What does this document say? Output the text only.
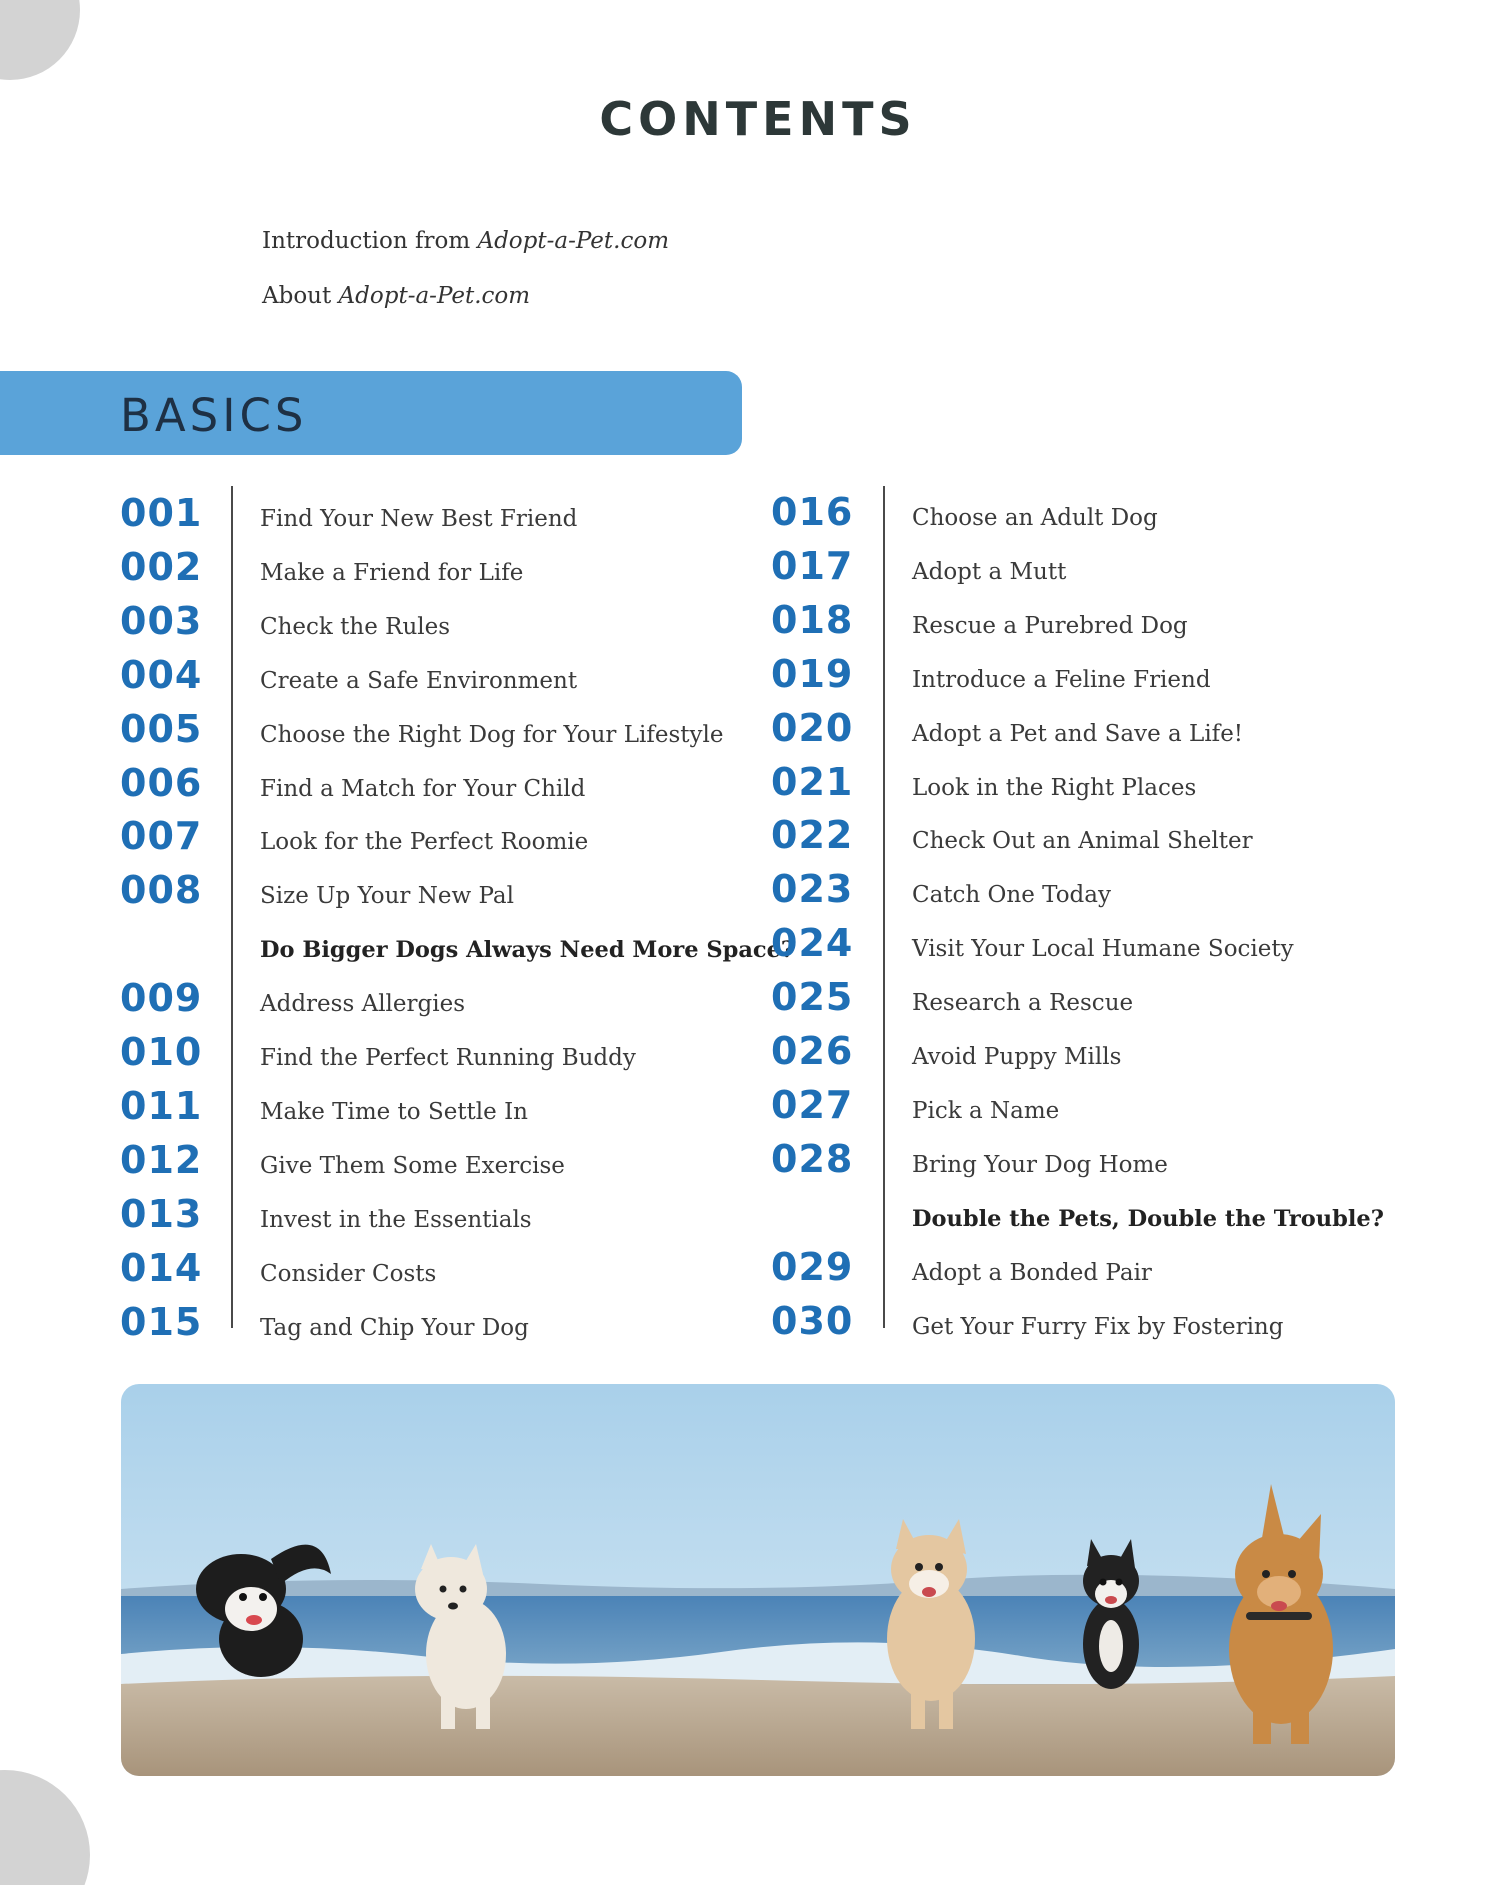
CONTENTS
Introduction from Adopt-a-Pet.com
About Adopt-a-Pet.com
BASICS
001	Find Your New Best Friend
002	Make a Friend for Life
003	Check the Rules
004	Create a Safe Environment
005	Choose the Right Dog for Your Lifestyle
006	Find a Match for Your Child
007	Look for the Perfect Roomie
008	Size Up Your New Pal
Do Bigger Dogs Always Need More Space?
009	Address Allergies
010	Find the Perfect Running Buddy
011	Make Time to Settle In
012	Give Them Some Exercise
013	Invest in the Essentials
014	Consider Costs
015	Tag and Chip Your Dog
016	Choose an Adult Dog
017	Adopt a Mutt
018	Rescue a Purebred Dog
019	Introduce a Feline Friend
020	Adopt a Pet and Save a Life!
021	Look in the Right Places
022	Check Out an Animal Shelter
023	Catch One Today
024	Visit Your Local Humane Society
025	Research a Rescue
026	Avoid Puppy Mills
027	Pick a Name
028	Bring Your Dog Home
Double the Pets, Double the Trouble?
029	Adopt a Bonded Pair
030	Get Your Furry Fix by Fostering
